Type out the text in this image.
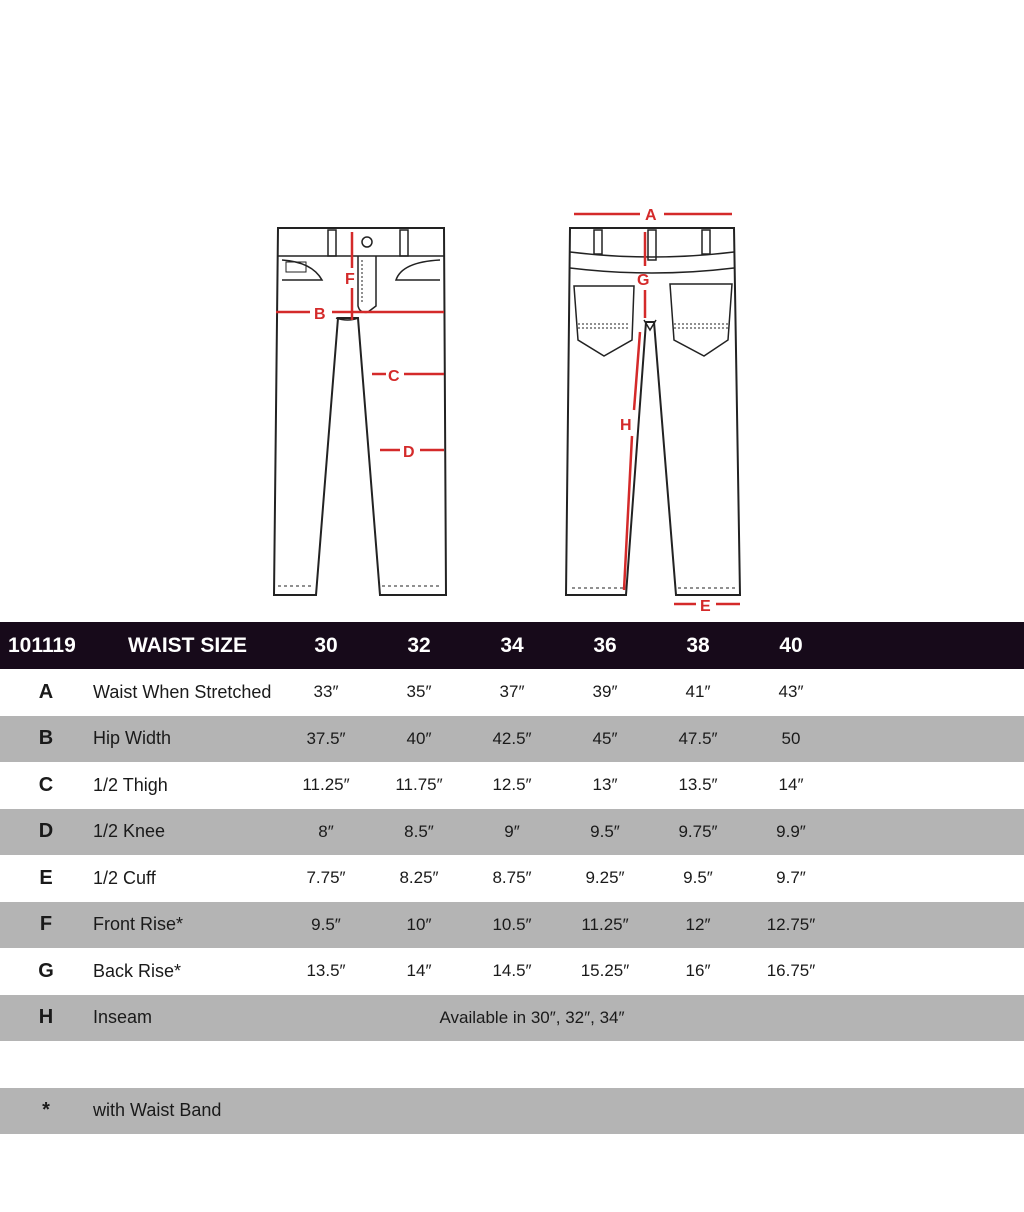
F
B
C
D
A
G
H
E
101119 WAIST SIZE	30	32	34	36	38	40
A Waist When Stretched 33″	35″	37″	39″	41″	43″
B Hip Width	37.5″	40″	42.5″	45″	47.5″	50
C 1/2 Thigh	11.25″	11.75″	12.5″	13″	13.5″	14″
D 1/2 Knee	8″	8.5″	9″	9.5″	9.75″	9.9″
E 1/2 Cuff	7.75″	8.25″	8.75″	9.25″	9.5″	9.7″
F Front Rise*	9.5″	10″	10.5″	11.25″	12″	12.75″
G Back Rise*	13.5″	14″	14.5″	15.25″	16″	16.75″
H Inseam	Available in 30″, 32″, 34″
* with Waist Band
